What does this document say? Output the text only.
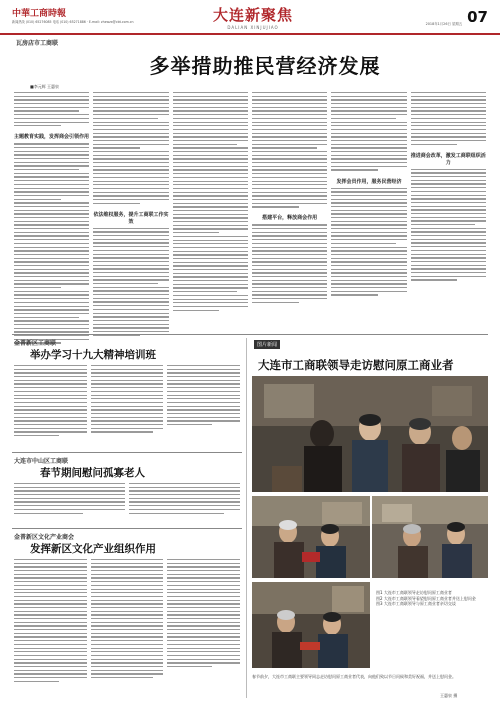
中華工商時報
新闻热线 (010) 65276085 电话 (010) 65271886 · E-mail: zhxwzx@cbt.com.cn	大连新聚焦
DALIAN XINJUJIAO
2018年1月26日 星期五 07
瓦房店市工商联
多举措助推民营经济发展
■李元辉 王惠泉
主题教育实践，发挥商会引领作用
依法维权服务，提升工商联工作实效
搭建平台，释放商会作用
发挥会员作用，服务民营经济
推进商会改革，激发工商联组织活力
金普新区工商联
举办学习十九大精神培训班
大连市中山区工商联
春节期间慰问孤寡老人
金普新区文化产业商会
发挥新区文化产业组织作用
图片新闻
大连市工商联领导走访慰问原工商业者
图1 大连市工商联领导走访慰问原工商业者
图2 大连市工商联领导看望慰问原工商业者并送上慰问金
图3 大连市工商联领导与原工商业者亲切交谈
春节前夕，大连市工商联主要领导同志走访慰问原工商业者代表，向他们致以节日问候和美好祝福，并送上慰问金。
王惠泉 摄
